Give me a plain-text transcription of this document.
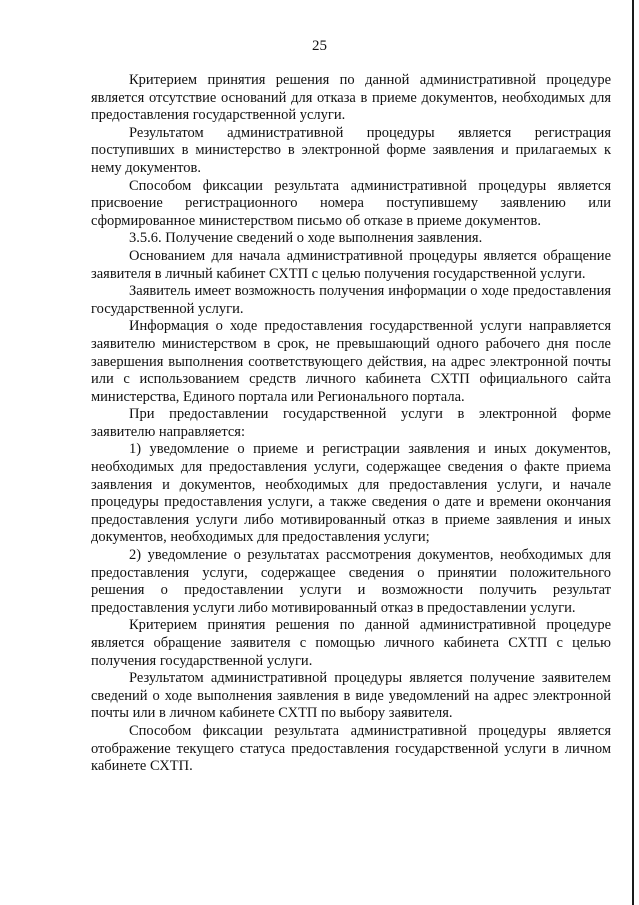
25

Критерием принятия решения по данной административной процедуре является отсутствие оснований для отказа в приеме документов, необходимых для предоставления государственной услуги.

Результатом административной процедуры является регистрация поступивших в министерство в электронной форме заявления и прилагаемых к нему документов.

Способом фиксации результата административной процедуры является присвоение регистрационного номера поступившему заявлению или сформированное министерством письмо об отказе в приеме документов.

3.5.6. Получение сведений о ходе выполнения заявления.

Основанием для начала административной процедуры является обращение заявителя в личный кабинет СХТП с целью получения государственной услуги.

Заявитель имеет возможность получения информации о ходе предоставления государственной услуги.

Информация о ходе предоставления государственной услуги направляется заявителю министерством в срок, не превышающий одного рабочего дня после завершения выполнения соответствующего действия, на адрес электронной почты или с использованием средств личного кабинета СХТП официального сайта министерства, Единого портала или Регионального портала.

При предоставлении государственной услуги в электронной форме заявителю направляется:

1) уведомление о приеме и регистрации заявления и иных документов, необходимых для предоставления услуги, содержащее сведения о факте приема заявления и документов, необходимых для предоставления услуги, и начале процедуры предоставления услуги, а также сведения о дате и времени окончания предоставления услуги либо мотивированный отказ в приеме заявления и иных документов, необходимых для предоставления услуги;

2) уведомление о результатах рассмотрения документов, необходимых для предоставления услуги, содержащее сведения о принятии положительного решения о предоставлении услуги и возможности получить результат предоставления услуги либо мотивированный отказ в предоставлении услуги.

Критерием принятия решения по данной административной процедуре является обращение заявителя с помощью личного кабинета СХТП с целью получения государственной услуги.

Результатом административной процедуры является получение заявителем сведений о ходе выполнения заявления в виде уведомлений на адрес электронной почты или в личном кабинете СХТП по выбору заявителя.

Способом фиксации результата административной процедуры является отображение текущего статуса предоставления государственной услуги в личном кабинете СХТП.
